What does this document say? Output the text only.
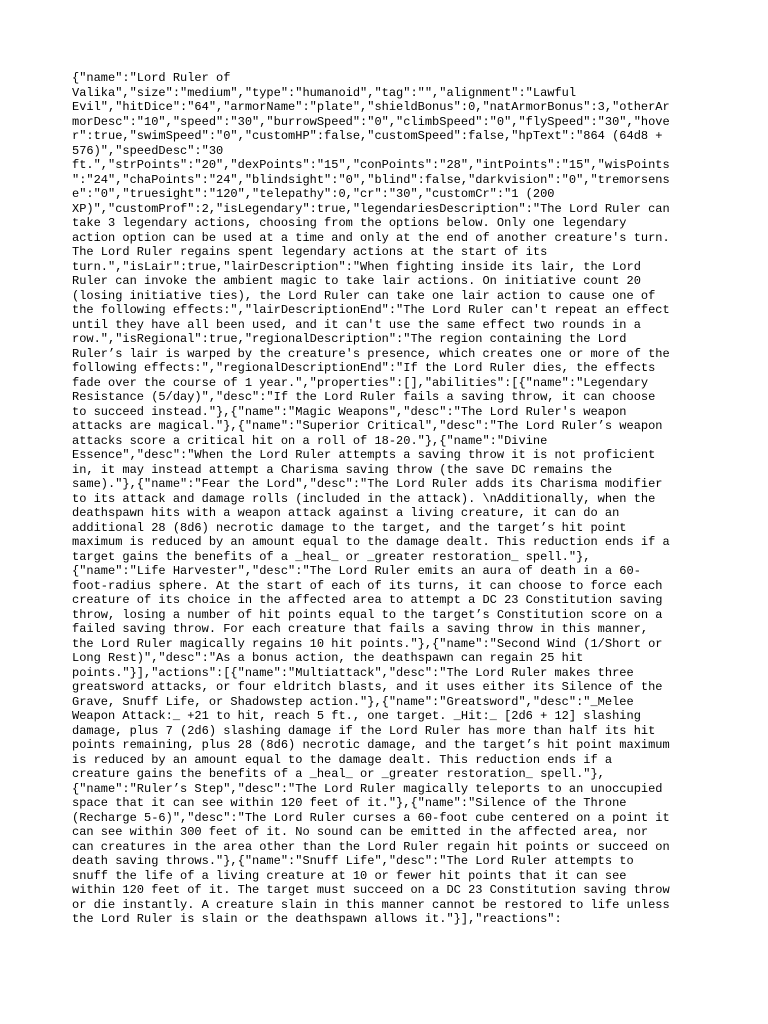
{"name":"Lord Ruler of
Valika","size":"medium","type":"humanoid","tag":"","alignment":"Lawful
Evil","hitDice":"64","armorName":"plate","shieldBonus":0,"natArmorBonus":3,"otherAr
morDesc":"10","speed":"30","burrowSpeed":"0","climbSpeed":"0","flySpeed":"30","hove
r":true,"swimSpeed":"0","customHP":false,"customSpeed":false,"hpText":"864 (64d8 +
576)","speedDesc":"30
ft.","strPoints":"20","dexPoints":"15","conPoints":"28","intPoints":"15","wisPoints
":"24","chaPoints":"24","blindsight":"0","blind":false,"darkvision":"0","tremorsens
e":"0","truesight":"120","telepathy":0,"cr":"30","customCr":"1 (200
XP)","customProf":2,"isLegendary":true,"legendariesDescription":"The Lord Ruler can
take 3 legendary actions, choosing from the options below. Only one legendary
action option can be used at a time and only at the end of another creature's turn.
The Lord Ruler regains spent legendary actions at the start of its
turn.","isLair":true,"lairDescription":"When fighting inside its lair, the Lord
Ruler can invoke the ambient magic to take lair actions. On initiative count 20
(losing initiative ties), the Lord Ruler can take one lair action to cause one of
the following effects:","lairDescriptionEnd":"The Lord Ruler can't repeat an effect
until they have all been used, and it can't use the same effect two rounds in a
row.","isRegional":true,"regionalDescription":"The region containing the Lord
Ruler’s lair is warped by the creature's presence, which creates one or more of the
following effects:","regionalDescriptionEnd":"If the Lord Ruler dies, the effects
fade over the course of 1 year.","properties":[],"abilities":[{"name":"Legendary
Resistance (5/day)","desc":"If the Lord Ruler fails a saving throw, it can choose
to succeed instead."},{"name":"Magic Weapons","desc":"The Lord Ruler's weapon
attacks are magical."},{"name":"Superior Critical","desc":"The Lord Ruler’s weapon
attacks score a critical hit on a roll of 18-20."},{"name":"Divine
Essence","desc":"When the Lord Ruler attempts a saving throw it is not proficient
in, it may instead attempt a Charisma saving throw (the save DC remains the
same)."},{"name":"Fear the Lord","desc":"The Lord Ruler adds its Charisma modifier
to its attack and damage rolls (included in the attack). \nAdditionally, when the
deathspawn hits with a weapon attack against a living creature, it can do an
additional 28 (8d6) necrotic damage to the target, and the target’s hit point
maximum is reduced by an amount equal to the damage dealt. This reduction ends if a
target gains the benefits of a _heal_ or _greater restoration_ spell."},
{"name":"Life Harvester","desc":"The Lord Ruler emits an aura of death in a 60-
foot-radius sphere. At the start of each of its turns, it can choose to force each
creature of its choice in the affected area to attempt a DC 23 Constitution saving
throw, losing a number of hit points equal to the target’s Constitution score on a
failed saving throw. For each creature that fails a saving throw in this manner,
the Lord Ruler magically regains 10 hit points."},{"name":"Second Wind (1/Short or
Long Rest)","desc":"As a bonus action, the deathspawn can regain 25 hit
points."}],"actions":[{"name":"Multiattack","desc":"The Lord Ruler makes three
greatsword attacks, or four eldritch blasts, and it uses either its Silence of the
Grave, Snuff Life, or Shadowstep action."},{"name":"Greatsword","desc":"_Melee
Weapon Attack:_ +21 to hit, reach 5 ft., one target. _Hit:_ [2d6 + 12] slashing
damage, plus 7 (2d6) slashing damage if the Lord Ruler has more than half its hit
points remaining, plus 28 (8d6) necrotic damage, and the target’s hit point maximum
is reduced by an amount equal to the damage dealt. This reduction ends if a
creature gains the benefits of a _heal_ or _greater restoration_ spell."},
{"name":"Ruler’s Step","desc":"The Lord Ruler magically teleports to an unoccupied
space that it can see within 120 feet of it."},{"name":"Silence of the Throne
(Recharge 5-6)","desc":"The Lord Ruler curses a 60-foot cube centered on a point it
can see within 300 feet of it. No sound can be emitted in the affected area, nor
can creatures in the area other than the Lord Ruler regain hit points or succeed on
death saving throws."},{"name":"Snuff Life","desc":"The Lord Ruler attempts to
snuff the life of a living creature at 10 or fewer hit points that it can see
within 120 feet of it. The target must succeed on a DC 23 Constitution saving throw
or die instantly. A creature slain in this manner cannot be restored to life unless
the Lord Ruler is slain or the deathspawn allows it."}],"reactions":
